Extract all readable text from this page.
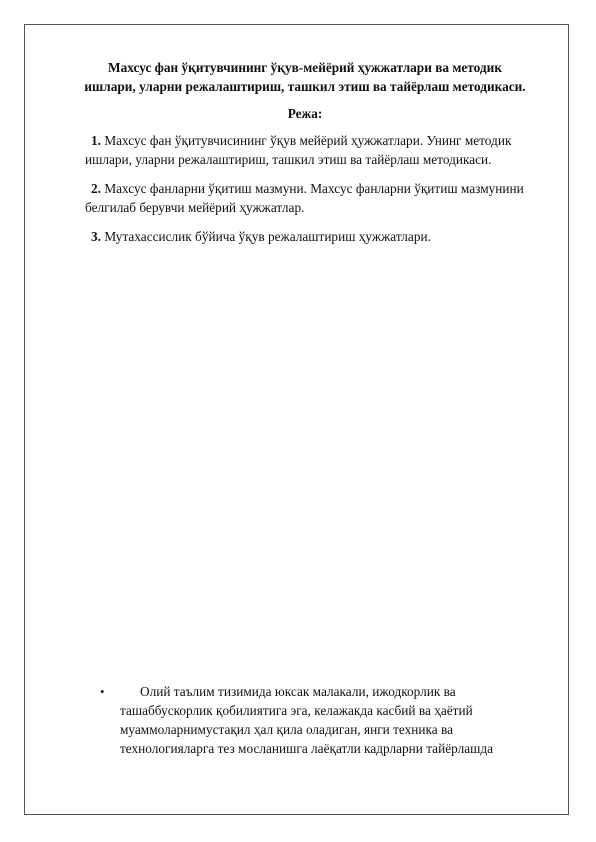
Махсус фан ўқитувчининг ўқув-мейёрий ҳужжатлари ва методик
ишлари, уларни режалаштириш, ташкил этиш ва тайёрлаш методикаси.
Режа:
1. Махсус фан ўқитувчисининг ўқув мейёрий ҳужжатлари. Унинг методик ишлари, уларни режалаштириш, ташкил этиш ва тайёрлаш методикаси.
2. Махсус фанларни ўқитиш мазмуни. Махсус фанларни ўқитиш мазмунини белгилаб берувчи мейёрий ҳужжатлар.
3. Мутахассислик бўйича ўқув режалаштириш ҳужжатлари.
•	Олий таълим тизимида юксак малакали, ижодкорлик ва ташаббускорлик қобилиятига эга, келажакда касбий ва ҳаётий муаммоларнимустақил ҳал қила оладиган, янги техника ва технологияларга тез мосланишга лаёқатли кадрларни тайёрлашда
